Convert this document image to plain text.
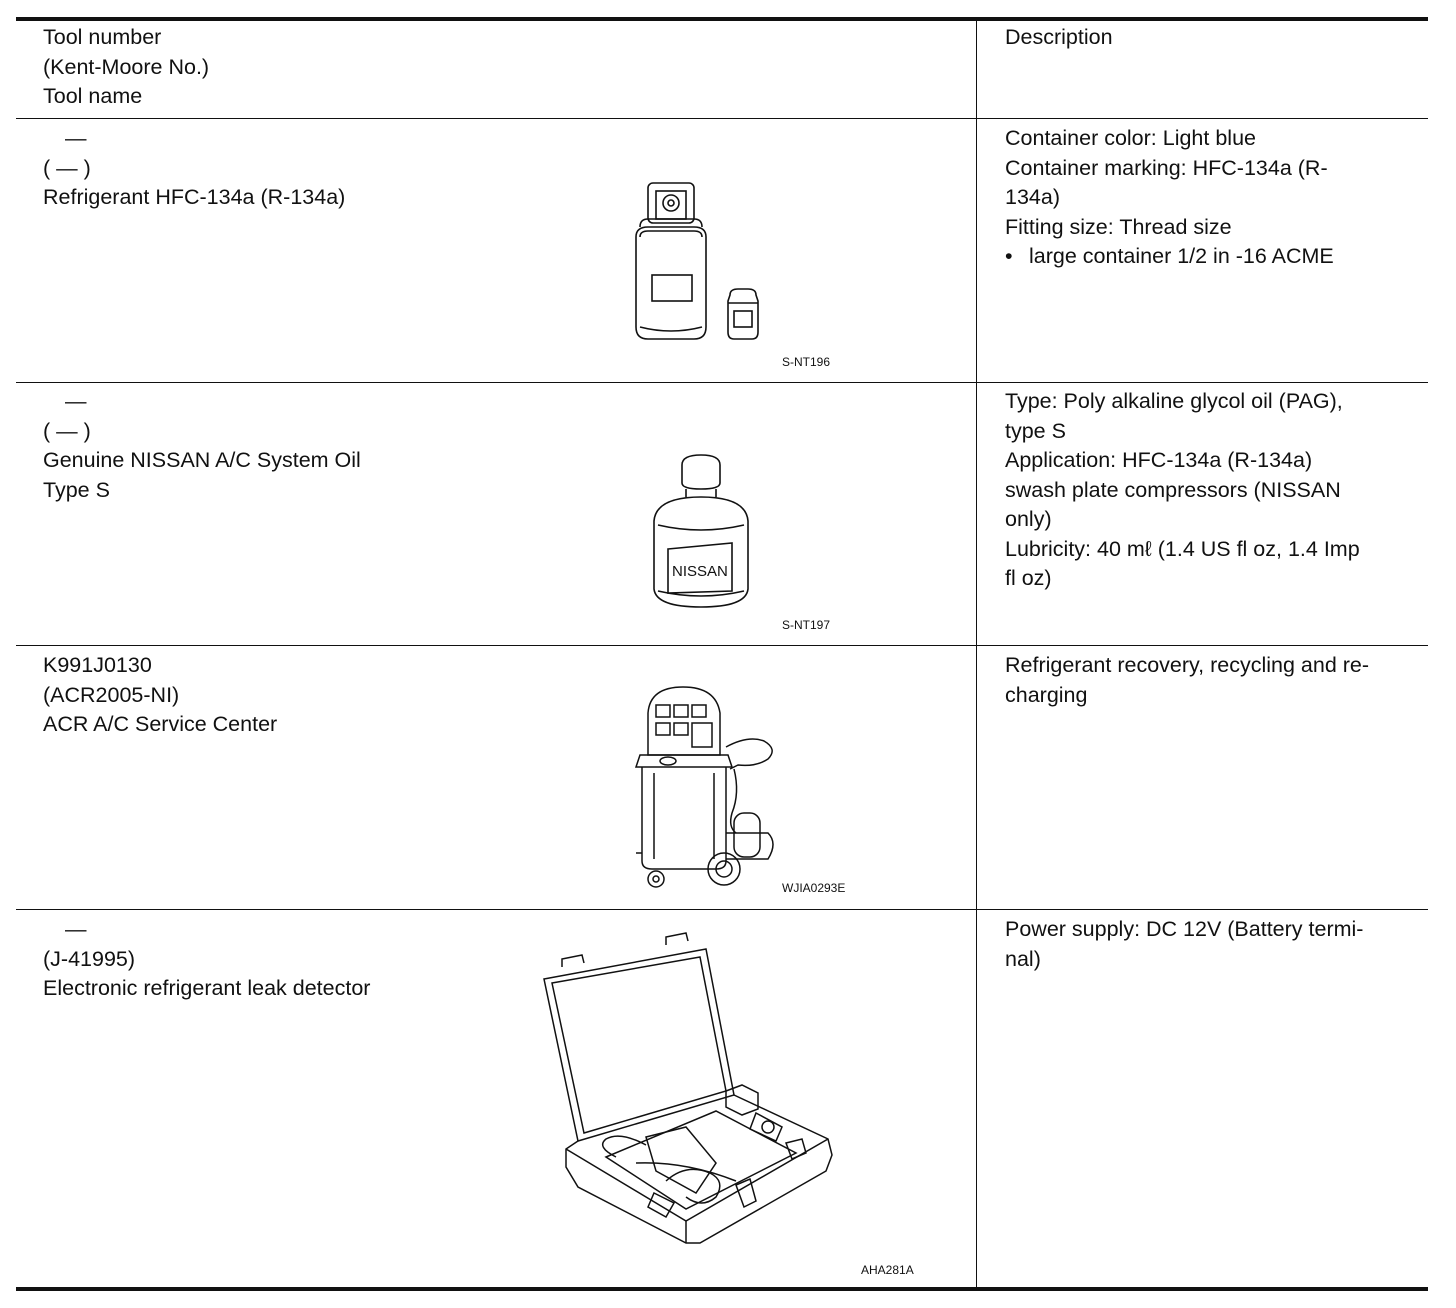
Tool number
(Kent-Moore No.)
Tool name
Description
—
( — )
Refrigerant HFC-134a (R-134a)
S-NT196
Container color: Light blue
Container marking: HFC-134a (R-
134a)
Fitting size: Thread size
• large container 1/2 in -16 ACME
—
( — )
Genuine NISSAN A/C System Oil
Type S
NISSAN
S-NT197
Type: Poly alkaline glycol oil (PAG),
type S
Application: HFC-134a (R-134a)
swash plate compressors (NISSAN
only)
Lubricity: 40 mℓ (1.4 US fl oz, 1.4 Imp
fl oz)
K991J0130
(ACR2005-NI)
ACR A/C Service Center
WJIA0293E
Refrigerant recovery, recycling and re-
charging
—
(J-41995)
Electronic refrigerant leak detector
AHA281A
Power supply: DC 12V (Battery termi-
nal)
